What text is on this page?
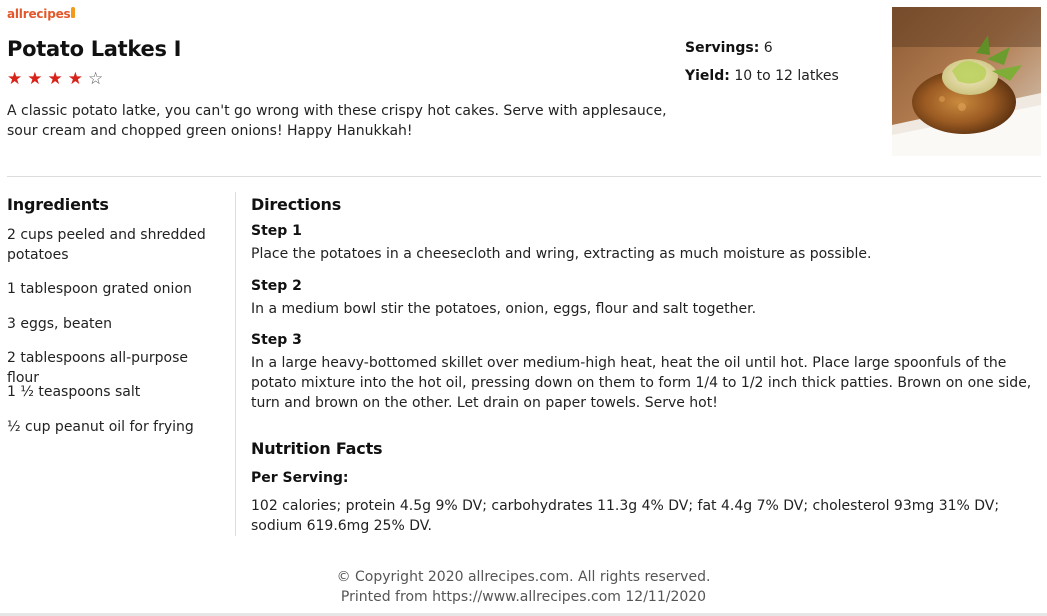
allrecipes
Potato Latkes I
★ ★ ★ ★ ☆

A classic potato latke, you can't go wrong with these crispy hot cakes. Serve with applesauce, sour cream and chopped green onions! Happy Hanukkah!

Servings: 6
Yield: 10 to 12 latkes
Ingredients
2 cups peeled and shredded potatoes
1 tablespoon grated onion
3 eggs, beaten
2 tablespoons all-purpose flour
1 ½ teaspoons salt
½ cup peanut oil for frying
Directions
Step 1

Place the potatoes in a cheesecloth and wring, extracting as much moisture as possible.

Step 2

In a medium bowl stir the potatoes, onion, eggs, flour and salt together.

Step 3

In a large heavy-bottomed skillet over medium-high heat, heat the oil until hot. Place large spoonfuls of the potato mixture into the hot oil, pressing down on them to form 1/4 to 1/2 inch thick patties. Brown on one side, turn and brown on the other. Let drain on paper towels. Serve hot!

Nutrition Facts
Per Serving:

102 calories; protein 4.5g 9% DV; carbohydrates 11.3g 4% DV; fat 4.4g 7% DV; cholesterol 93mg 31% DV; sodium 619.6mg 25% DV.

© Copyright 2020 allrecipes.com. All rights reserved.
Printed from https://www.allrecipes.com 12/11/2020
